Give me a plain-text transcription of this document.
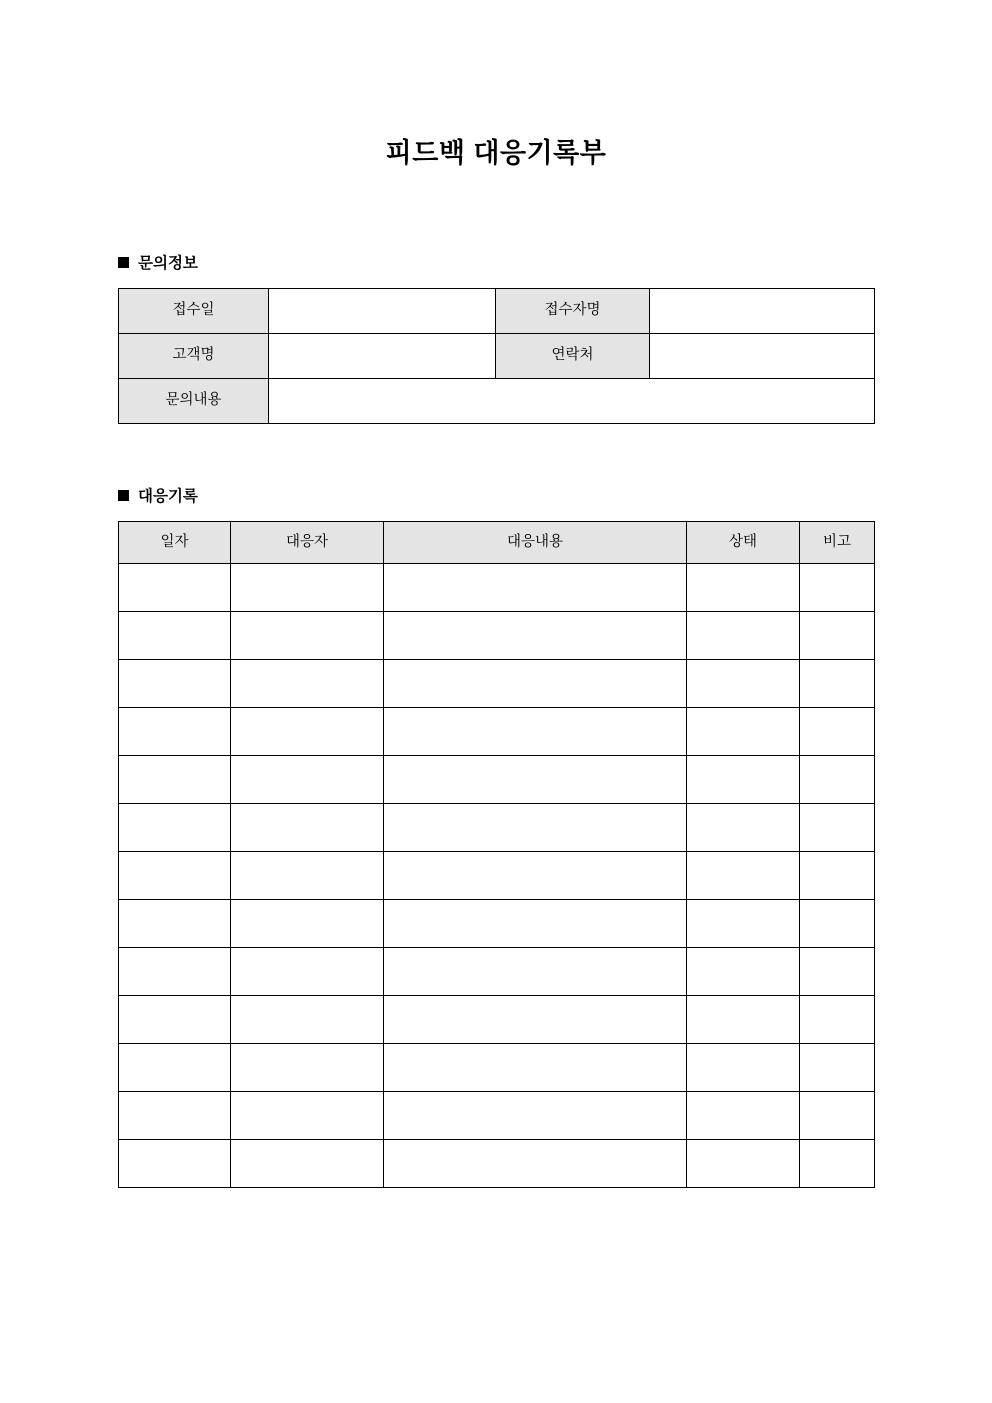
피드백 대응기록부
문의정보
접수일		접수자명	
고객명		연락처	
문의내용			
대응기록
일자	대응자	대응내용	상태	비고
